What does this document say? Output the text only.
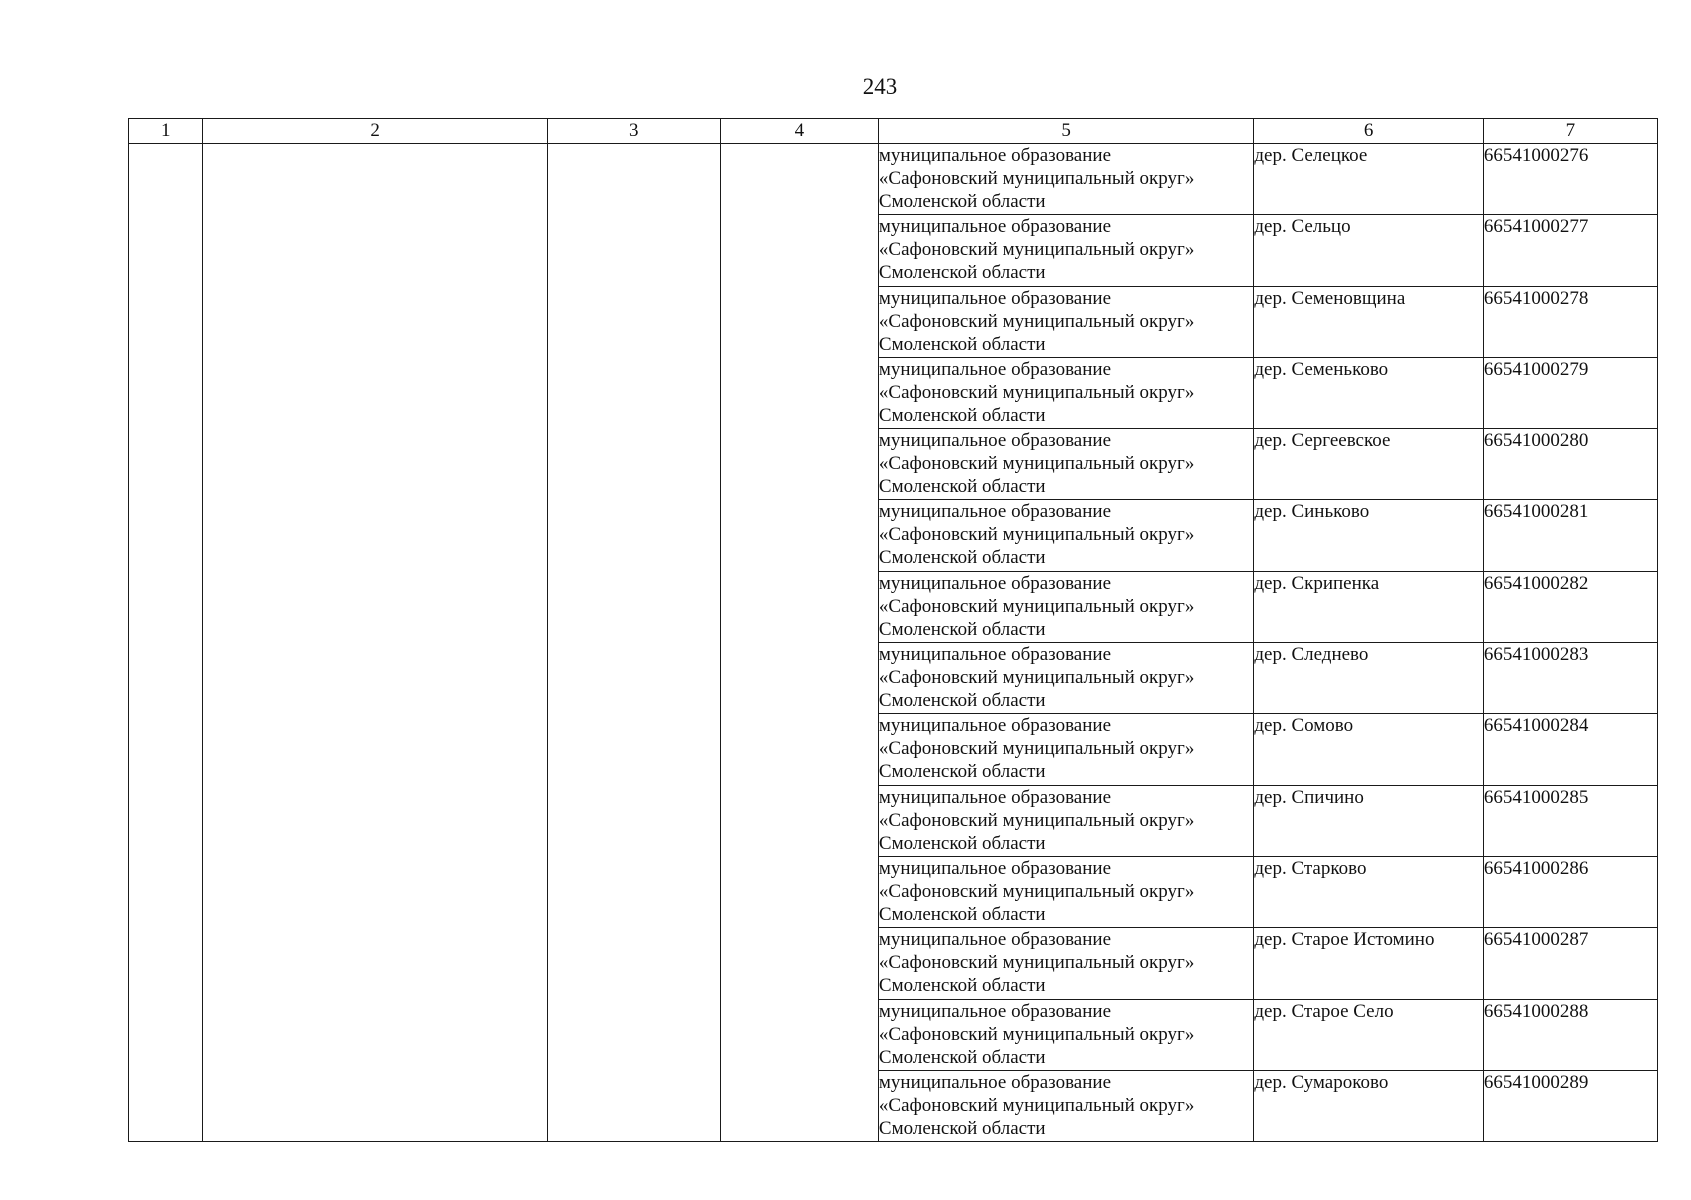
243
1	2	3	4	5	6	7

				муниципальное образование
«Сафоновский муниципальный округ»
Смоленской области	дер. Селецкое	66541000276

				муниципальное образование
«Сафоновский муниципальный округ»
Смоленской области	дер. Сельцо	66541000277

				муниципальное образование
«Сафоновский муниципальный округ»
Смоленской области	дер. Семеновщина	66541000278

				муниципальное образование
«Сафоновский муниципальный округ»
Смоленской области	дер. Семеньково	66541000279

				муниципальное образование
«Сафоновский муниципальный округ»
Смоленской области	дер. Сергеевское	66541000280

				муниципальное образование
«Сафоновский муниципальный округ»
Смоленской области	дер. Синьково	66541000281

				муниципальное образование
«Сафоновский муниципальный округ»
Смоленской области	дер. Скрипенка	66541000282

				муниципальное образование
«Сафоновский муниципальный округ»
Смоленской области	дер. Следнево	66541000283

				муниципальное образование
«Сафоновский муниципальный округ»
Смоленской области	дер. Сомово	66541000284

				муниципальное образование
«Сафоновский муниципальный округ»
Смоленской области	дер. Спичино	66541000285

				муниципальное образование
«Сафоновский муниципальный округ»
Смоленской области	дер. Старково	66541000286

				муниципальное образование
«Сафоновский муниципальный округ»
Смоленской области	дер. Старое Истомино	66541000287

				муниципальное образование
«Сафоновский муниципальный округ»
Смоленской области	дер. Старое Село	66541000288

				муниципальное образование
«Сафоновский муниципальный округ»
Смоленской области	дер. Сумароково	66541000289
